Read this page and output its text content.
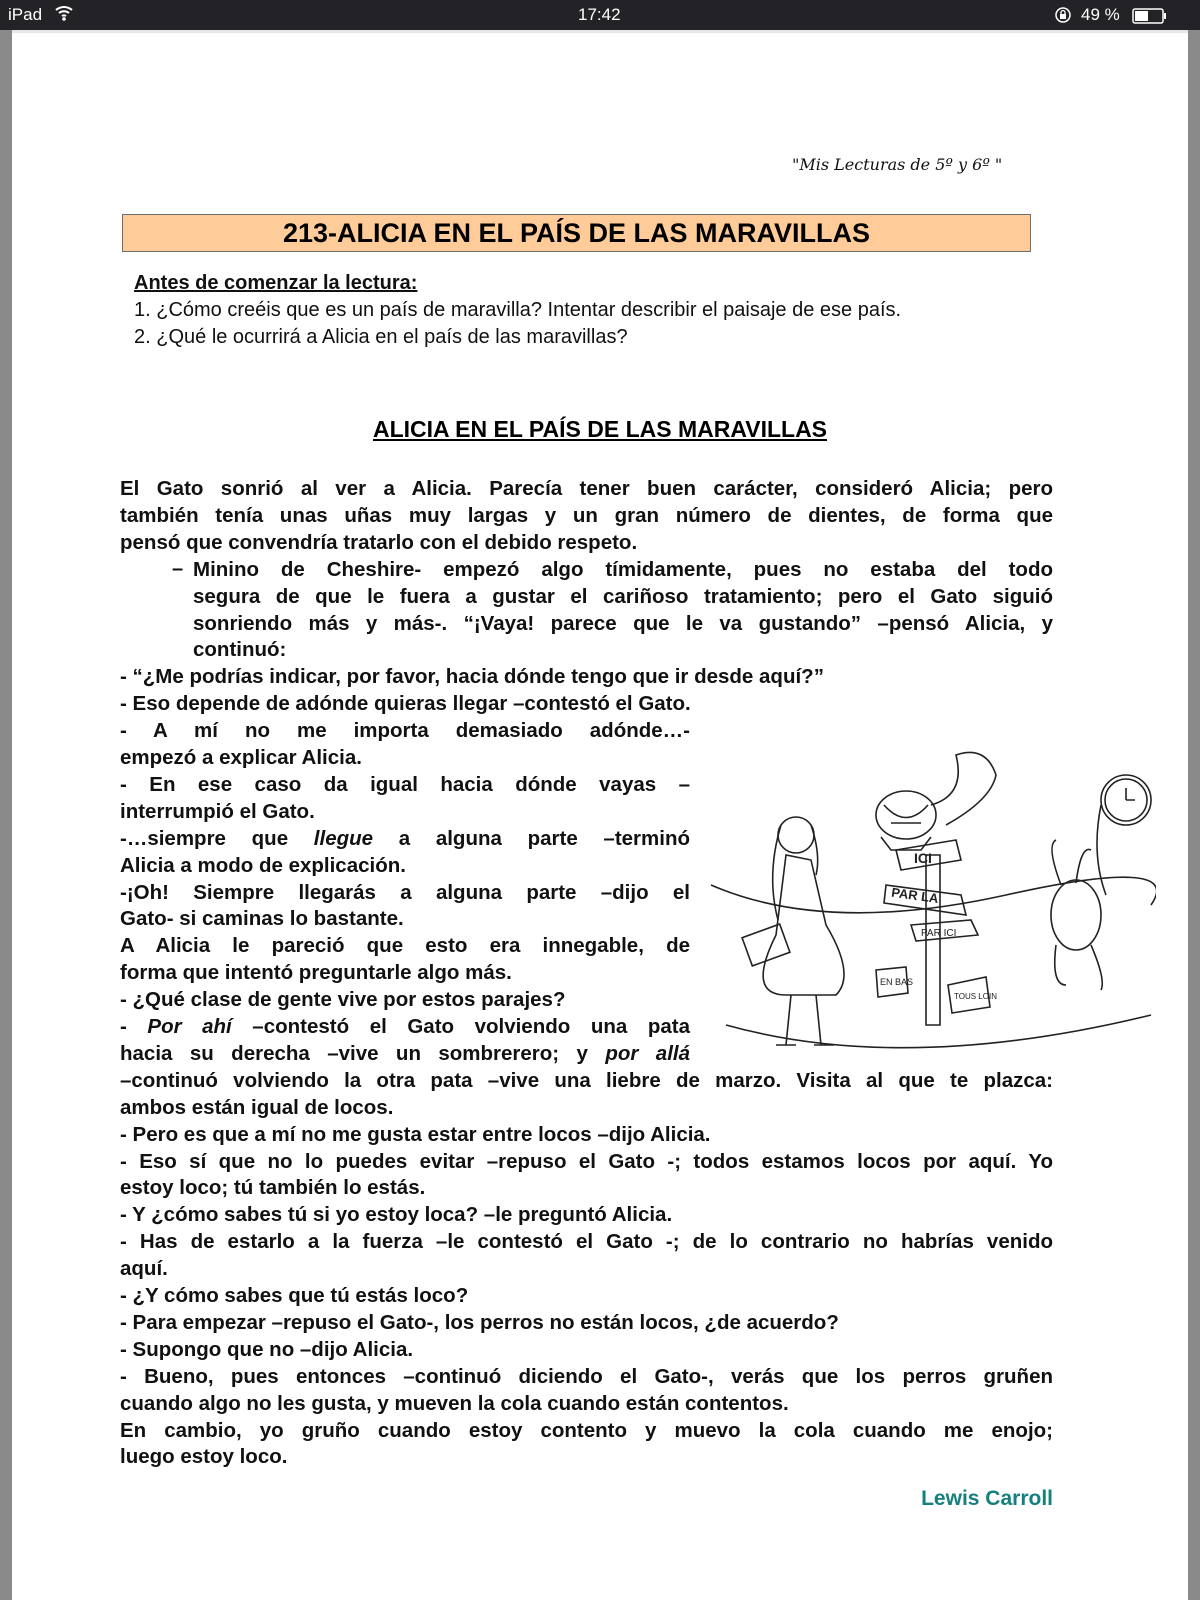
iPad	17:42	49 %
"Mis Lecturas de 5º y 6º "
213-ALICIA EN EL PAÍS DE LAS MARAVILLAS
Antes de comenzar la lectura:
1. ¿Cómo creéis que es un país de maravilla? Intentar describir el paisaje de ese país.
2. ¿Qué le ocurrirá a Alicia en el país de las maravillas?
ALICIA EN EL PAÍS DE LAS MARAVILLAS
El Gato sonrió al ver a Alicia. Parecía tener buen carácter, consideró Alicia; pero
también tenía unas uñas muy largas y un gran número de dientes, de forma que
pensó que convendría tratarlo con el debido respeto.
Minino de Cheshire- empezó algo tímidamente, pues no estaba del todo
–
segura de que le fuera a gustar el cariñoso tratamiento; pero el Gato siguió
sonriendo más y más-. “¡Vaya! parece que le va gustando” –pensó Alicia, y
continuó:
- “¿Me podrías indicar, por favor, hacia dónde tengo que ir desde aquí?”
- Eso depende de adónde quieras llegar –contestó el Gato.
- A mí no me importa demasiado adónde…-
empezó a explicar Alicia.
- En ese caso da igual hacia dónde vayas –
interrumpió el Gato.
-…siempre que llegue a alguna parte –terminó
Alicia a modo de explicación.
-¡Oh! Siempre llegarás a alguna parte –dijo el
Gato- si caminas lo bastante.
A Alicia le pareció que esto era innegable, de
forma que intentó preguntarle algo más.
- ¿Qué clase de gente vive por estos parajes?
- Por ahí –contestó el Gato volviendo una pata
hacia su derecha –vive un sombrerero; y por allá
–continuó volviendo la otra pata –vive una liebre de marzo. Visita al que te plazca:
ambos están igual de locos.
- Pero es que a mí no me gusta estar entre locos –dijo Alicia.
- Eso sí que no lo puedes evitar –repuso el Gato -; todos estamos locos por aquí. Yo
estoy loco; tú también lo estás.
- Y ¿cómo sabes tú si yo estoy loca? –le preguntó Alicia.
- Has de estarlo a la fuerza –le contestó el Gato -; de lo contrario no habrías venido
aquí.
- ¿Y cómo sabes que tú estás loco?
- Para empezar –repuso el Gato-, los perros no están locos, ¿de acuerdo?
- Supongo que no –dijo Alicia.
- Bueno, pues entonces –continuó diciendo el Gato-, verás que los perros gruñen
cuando algo no les gusta, y mueven la cola cuando están contentos.
En cambio, yo gruño cuando estoy contento y muevo la cola cuando me enojo;
luego estoy loco.
ICI
PAR LA
PAR ICI
EN BAS
TOUS LOIN
Lewis Carroll
